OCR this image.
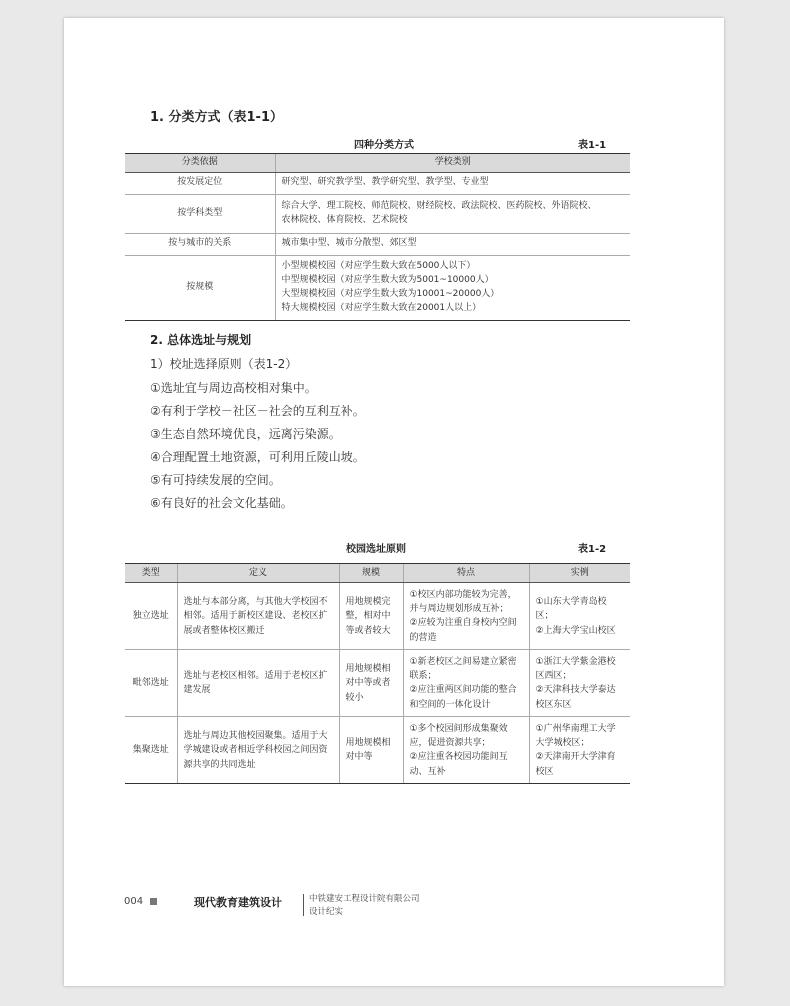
1. 分类方式（表1-1）
四种分类方式	表1-1
分类依据	学校类别
按发展定位	研究型、研究教学型、教学研究型、教学型、专业型

按学科类型	综合大学、理工院校、师范院校、财经院校、政法院校、医药院校、外语院校、
农林院校、体育院校、艺术院校

按与城市的关系	城市集中型、城市分散型、郊区型

按规模	小型规模校园（对应学生数大致在5000人以下）
中型规模校园（对应学生数大致为5001~10000人）
大型规模校园（对应学生数大致为10001~20000人）
特大规模校园（对应学生数大致在20001人以上）
2. 总体选址与规划
1）校址选择原则（表1-2）
①选址宜与周边高校相对集中。
②有利于学校－社区－社会的互利互补。
③生态自然环境优良，远离污染源。
④合理配置土地资源，可利用丘陵山坡。
⑤有可持续发展的空间。
⑥有良好的社会文化基础。
校园选址原则	表1-2
类型	定义	规模	特点	实例
独立选址	选址与本部分离，与其他大学校园不相邻。适用于新校区建设、老校区扩展或者整体校区搬迁	用地规模完整，相对中等或者较大	①校区内部功能较为完善，并与周边规划形成互补；
②应较为注重自身校内空间的营造	①山东大学青岛校区；
②上海大学宝山校区

毗邻选址	选址与老校区相邻。适用于老校区扩建发展	用地规模相对中等或者较小	①新老校区之间易建立紧密联系；
②应注重两区间功能的整合和空间的一体化设计	①浙江大学紫金港校区西区；
②天津科技大学泰达校区东区

集聚选址	选址与周边其他校园聚集。适用于大学城建设或者相近学科校园之间因资源共享的共同选址	用地规模相对中等	①多个校园间形成集聚效应，促进资源共享；
②应注重各校园功能间互动、互补	①广州华南理工大学大学城校区；
②天津南开大学津育校区
004	现代教育建筑设计	中铁建安工程设计院有限公司
设计纪实
